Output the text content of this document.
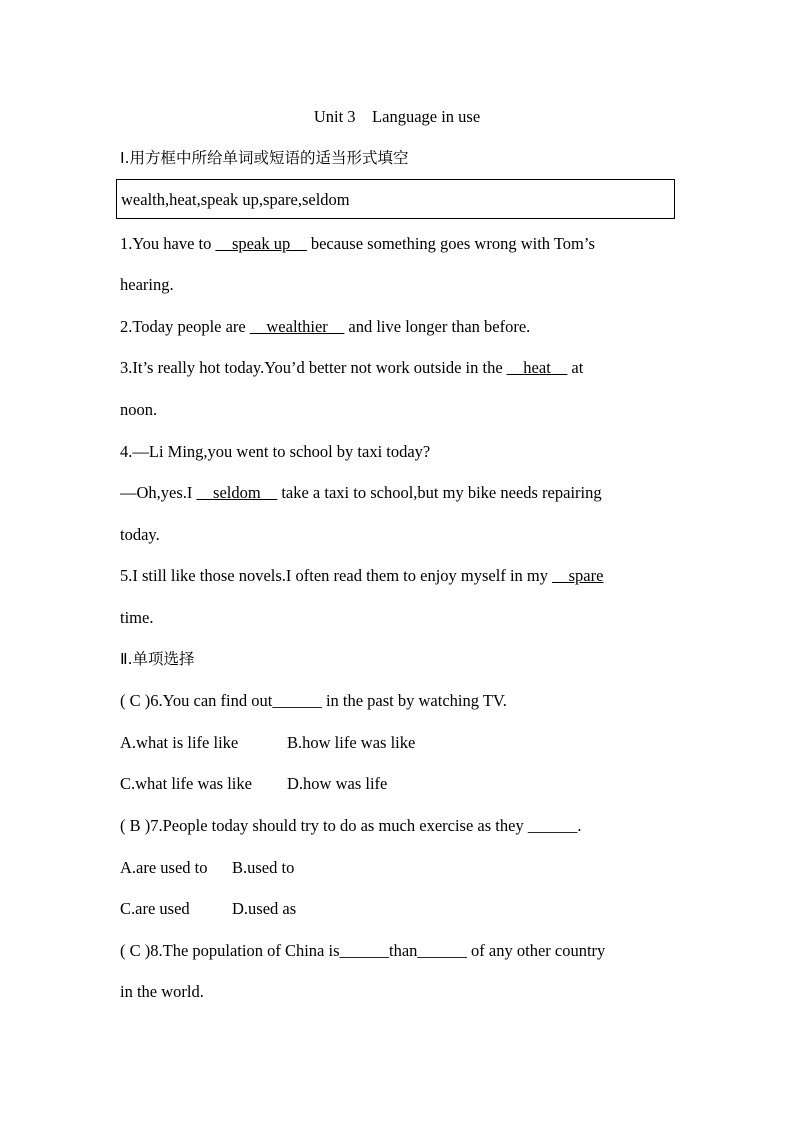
Unit 3    Language in use
Ⅰ.用方框中所给单词或短语的适当形式填空
wealth,heat,speak up,spare,seldom
1.You have to __speak up__ because something goes wrong with Tom’s
hearing.
2.Today people are __wealthier__ and live longer than before.
3.It’s really hot today.You’d better not work outside in the __heat__ at
noon.
4.—Li Ming,you went to school by taxi today?
—Oh,yes.I __seldom__ take a taxi to school,but my bike needs repairing
today.
5.I still like those novels.I often read them to enjoy myself in my __spare
time.
Ⅱ.单项选择
( C )6.You can find out______ in the past by watching TV.
A.what is life like	B.how life was like
C.what life was like D.how was life
( B )7.People today should try to do as much exercise as they ______.
A.are used to B.used to
C.are used	D.used as
( C )8.The population of China is______than______ of any other country
in the world.
